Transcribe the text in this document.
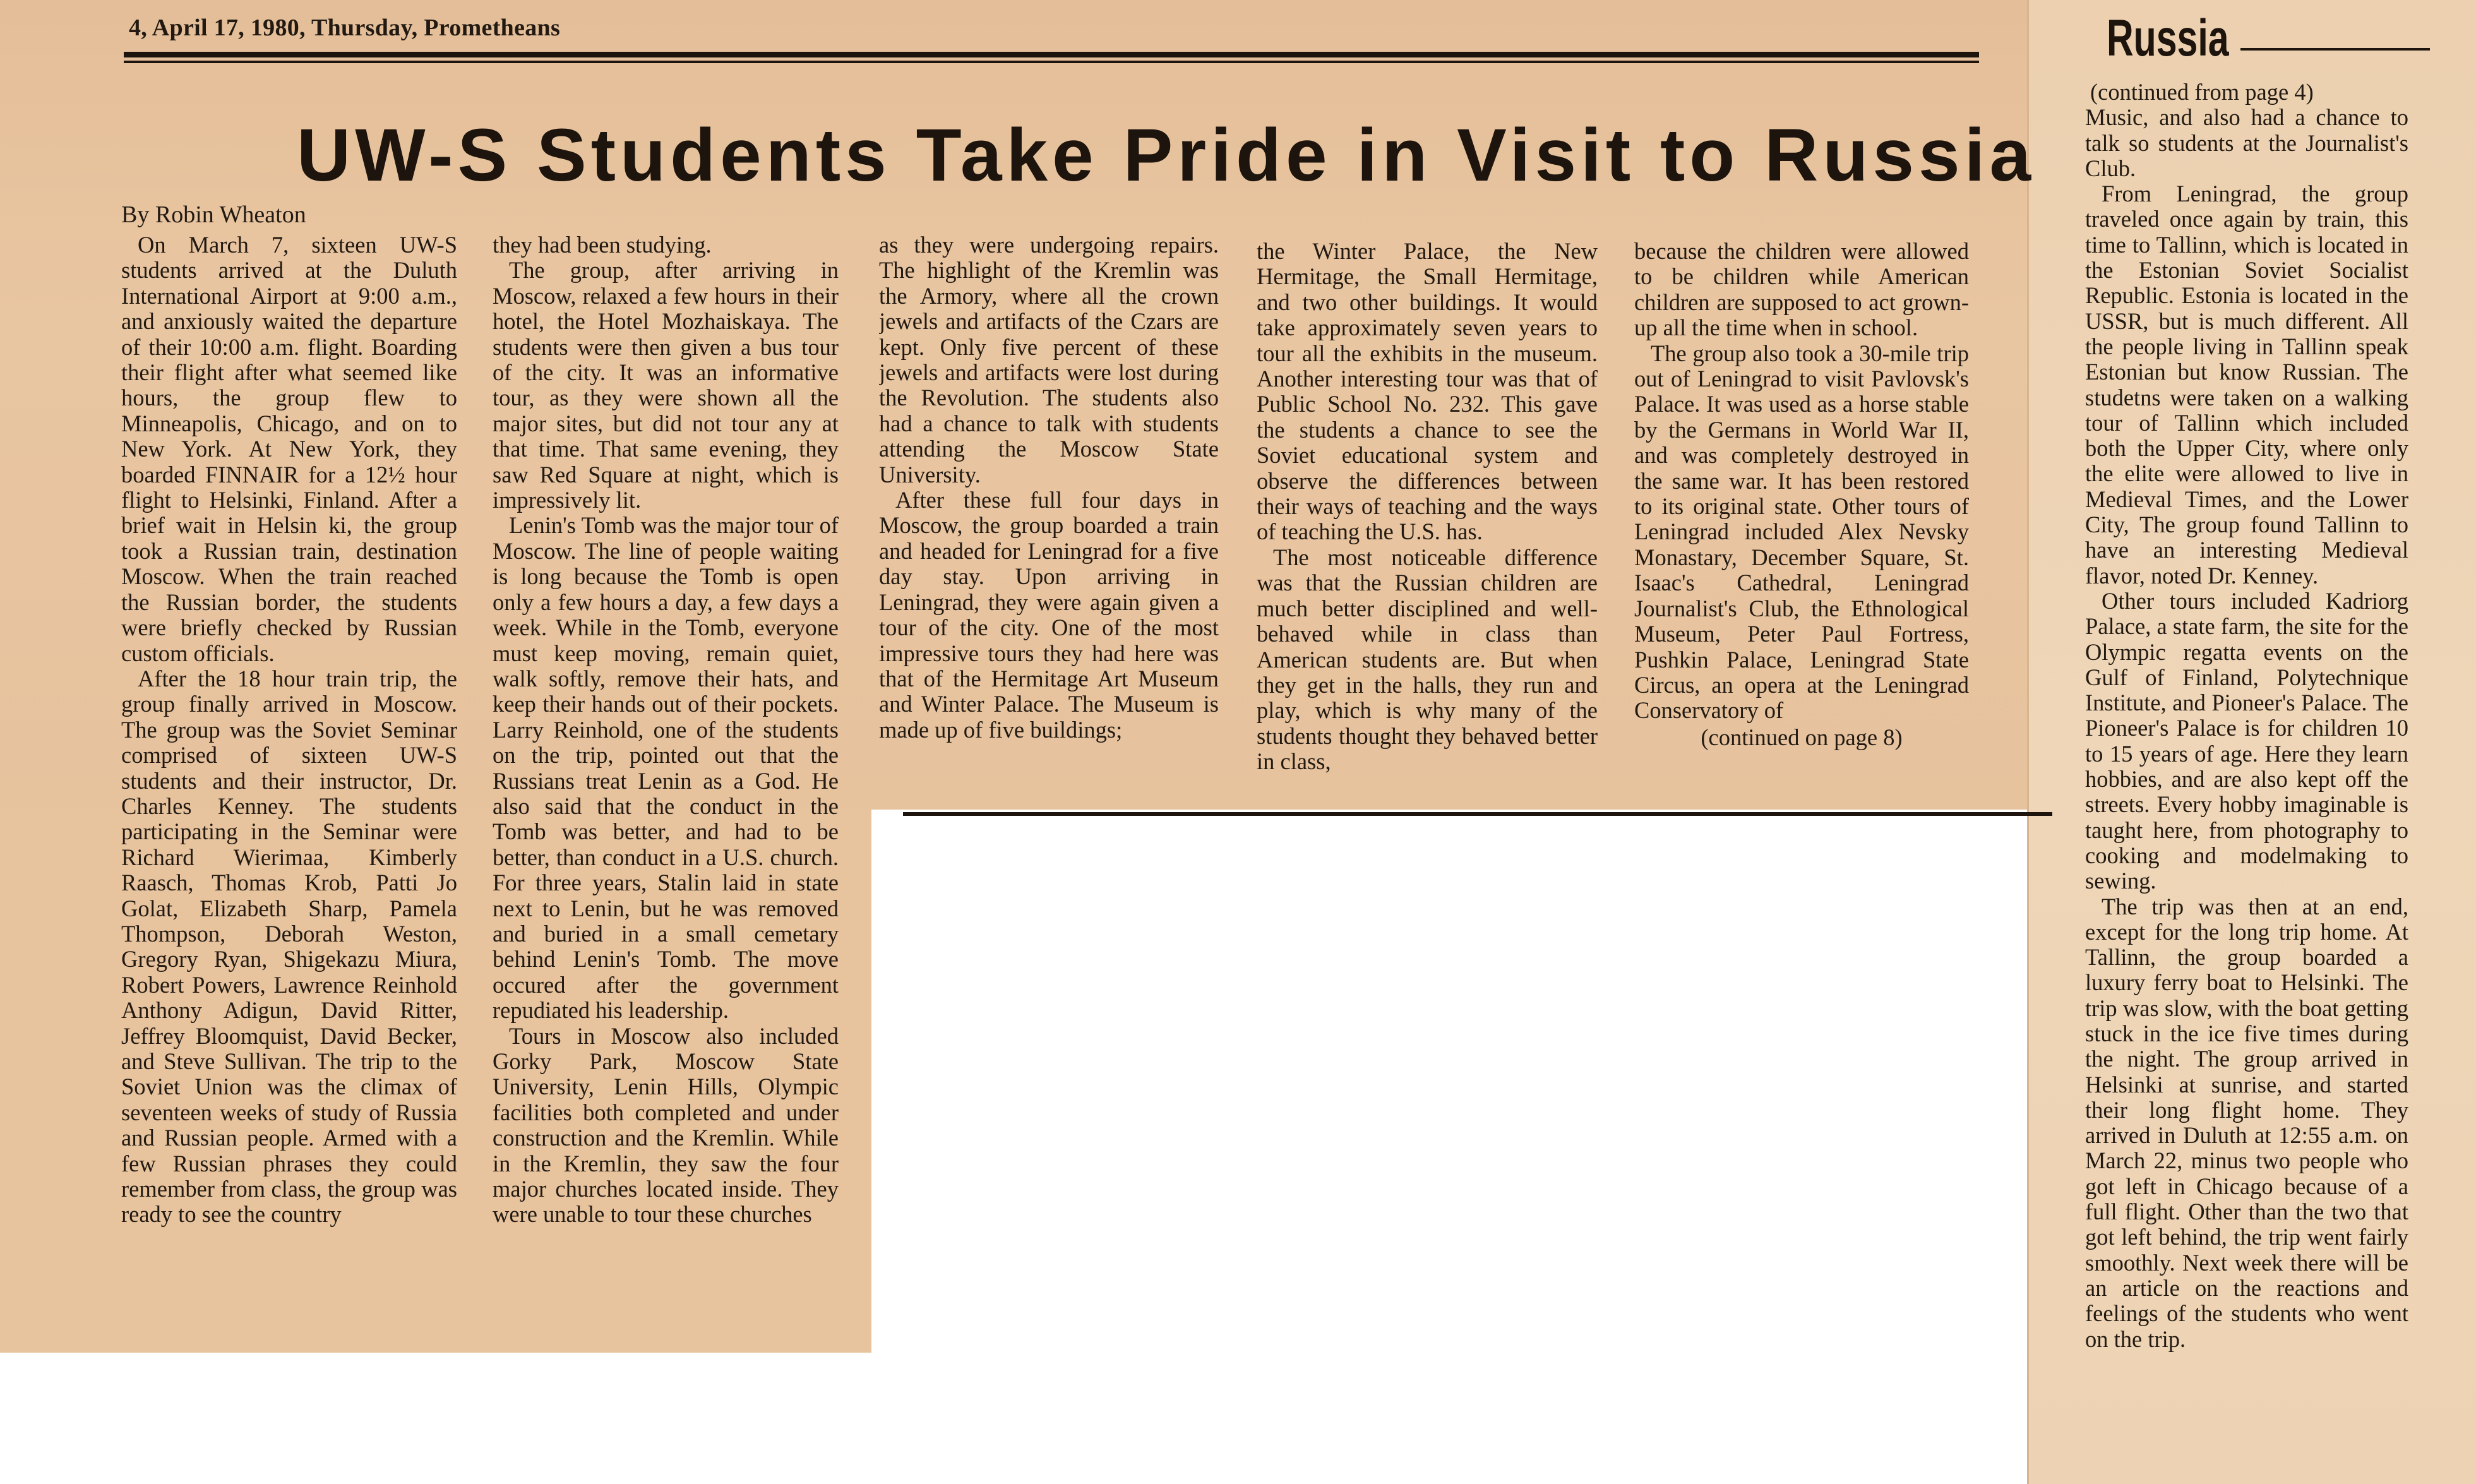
4, April 17, 1980, Thursday, Prometheans
UW-S Students Take Pride in Visit to Russia
By Robin Wheaton

On March 7, sixteen UW-S students arrived at the Duluth International Airport at 9:00 a.m., and anxiously waited the departure of their 10:00 a.m. flight. Boarding their flight after what seemed like hours, the group flew to Minneapolis, Chicago, and on to New York. At New York, they boarded FINNAIR for a 12½ hour flight to Helsinki, Finland. After a brief wait in Helsin ki, the group took a Russian train, destination Moscow. When the train reached the Russian border, the students were briefly checked by Russian custom officials.

After the 18 hour train trip, the group finally arrived in Moscow. The group was the Soviet Seminar comprised of sixteen UW-S students and their instructor, Dr. Charles Kenney. The students participating in the Seminar were Richard Wierimaa, Kimberly Raasch, Thomas Krob, Patti Jo Golat, Elizabeth Sharp, Pamela Thompson, Deborah Weston, Gregory Ryan, Shigekazu Miura, Robert Powers, Lawrence Reinhold Anthony Adigun, David Ritter, Jeffrey Bloomquist, David Becker, and Steve Sullivan. The trip to the Soviet Union was the climax of seventeen weeks of study of Russia and Russian people. Armed with a few Russian phrases they could remember from class, the group was ready to see the country

they had been studying.

The group, after arriving in Moscow, relaxed a few hours in their hotel, the Hotel Mozhaiskaya. The students were then given a bus tour of the city. It was an informative tour, as they were shown all the major sites, but did not tour any at that time. That same evening, they saw Red Square at night, which is impressively lit.

Lenin's Tomb was the major tour of Moscow. The line of people waiting is long because the Tomb is open only a few hours a day, a few days a week. While in the Tomb, everyone must keep moving, remain quiet, walk softly, remove their hats, and keep their hands out of their pockets. Larry Reinhold, one of the students on the trip, pointed out that the Russians treat Lenin as a God. He also said that the conduct in the Tomb was better, and had to be better, than conduct in a U.S. church. For three years, Stalin laid in state next to Lenin, but he was removed and buried in a small cemetary behind Lenin's Tomb. The move occured after the government repudiated his leadership.

Tours in Moscow also included Gorky Park, Moscow State University, Lenin Hills, Olympic facilities both completed and under construction and the Kremlin. While in the Kremlin, they saw the four major churches located inside. They were unable to tour these churches

as they were undergoing repairs. The highlight of the Kremlin was the Armory, where all the crown jewels and artifacts of the Czars are kept. Only five percent of these jewels and artifacts were lost during the Revolution. The students also had a chance to talk with students attending the Moscow State University.

After these full four days in Moscow, the group boarded a train and headed for Leningrad for a five day stay. Upon arriving in Leningrad, they were again given a tour of the city. One of the most impressive tours they had here was that of the Hermitage Art Museum and Winter Palace. The Museum is made up of five buildings;

the Winter Palace, the New Hermitage, the Small Hermitage, and two other buildings. It would take approximately seven years to tour all the exhibits in the museum. Another interesting tour was that of Public School No. 232. This gave the students a chance to see the Soviet educational system and observe the differences between their ways of teaching and the ways of teaching the U.S. has.

The most noticeable difference was that the Russian children are much better disciplined and well-behaved while in class than American students are. But when they get in the halls, they run and play, which is why many of the students thought they behaved better in class,

because the children were allowed to be children while American children are supposed to act grown-up all the time when in school.

The group also took a 30-mile trip out of Leningrad to visit Pavlovsk's Palace. It was used as a horse stable by the Germans in World War II, and was completely destroyed in the same war. It has been restored to its original state. Other tours of Leningrad included Alex Nevsky Monastary, December Square, St. Isaac's Cathedral, Leningrad Journalist's Club, the Ethnological Museum, Peter Paul Fortress, Pushkin Palace, Leningrad State Circus, an opera at the Leningrad Conservatory of

(continued on page 8)

Russia

(continued from page 4)

Music, and also had a chance to talk so students at the Journalist's Club.

From Leningrad, the group traveled once again by train, this time to Tallinn, which is located in the Estonian Soviet Socialist Republic. Estonia is located in the USSR, but is much different. All the people living in Tallinn speak Estonian but know Russian. The studetns were taken on a walking tour of Tallinn which included both the Upper City, where only the elite were allowed to live in Medieval Times, and the Lower City, The group found Tallinn to have an interesting Medieval flavor, noted Dr. Kenney.

Other tours included Kadriorg Palace, a state farm, the site for the Olympic regatta events on the Gulf of Finland, Polytechnique Institute, and Pioneer's Palace. The Pioneer's Palace is for children 10 to 15 years of age. Here they learn hobbies, and are also kept off the streets. Every hobby imaginable is taught here, from photography to cooking and modelmaking to sewing.

The trip was then at an end, except for the long trip home. At Tallinn, the group boarded a luxury ferry boat to Helsinki. The trip was slow, with the boat getting stuck in the ice five times during the night. The group arrived in Helsinki at sunrise, and started their long flight home. They arrived in Duluth at 12:55 a.m. on March 22, minus two people who got left in Chicago because of a full flight. Other than the two that got left behind, the trip went fairly smoothly. Next week there will be an article on the reactions and feelings of the students who went on the trip.
